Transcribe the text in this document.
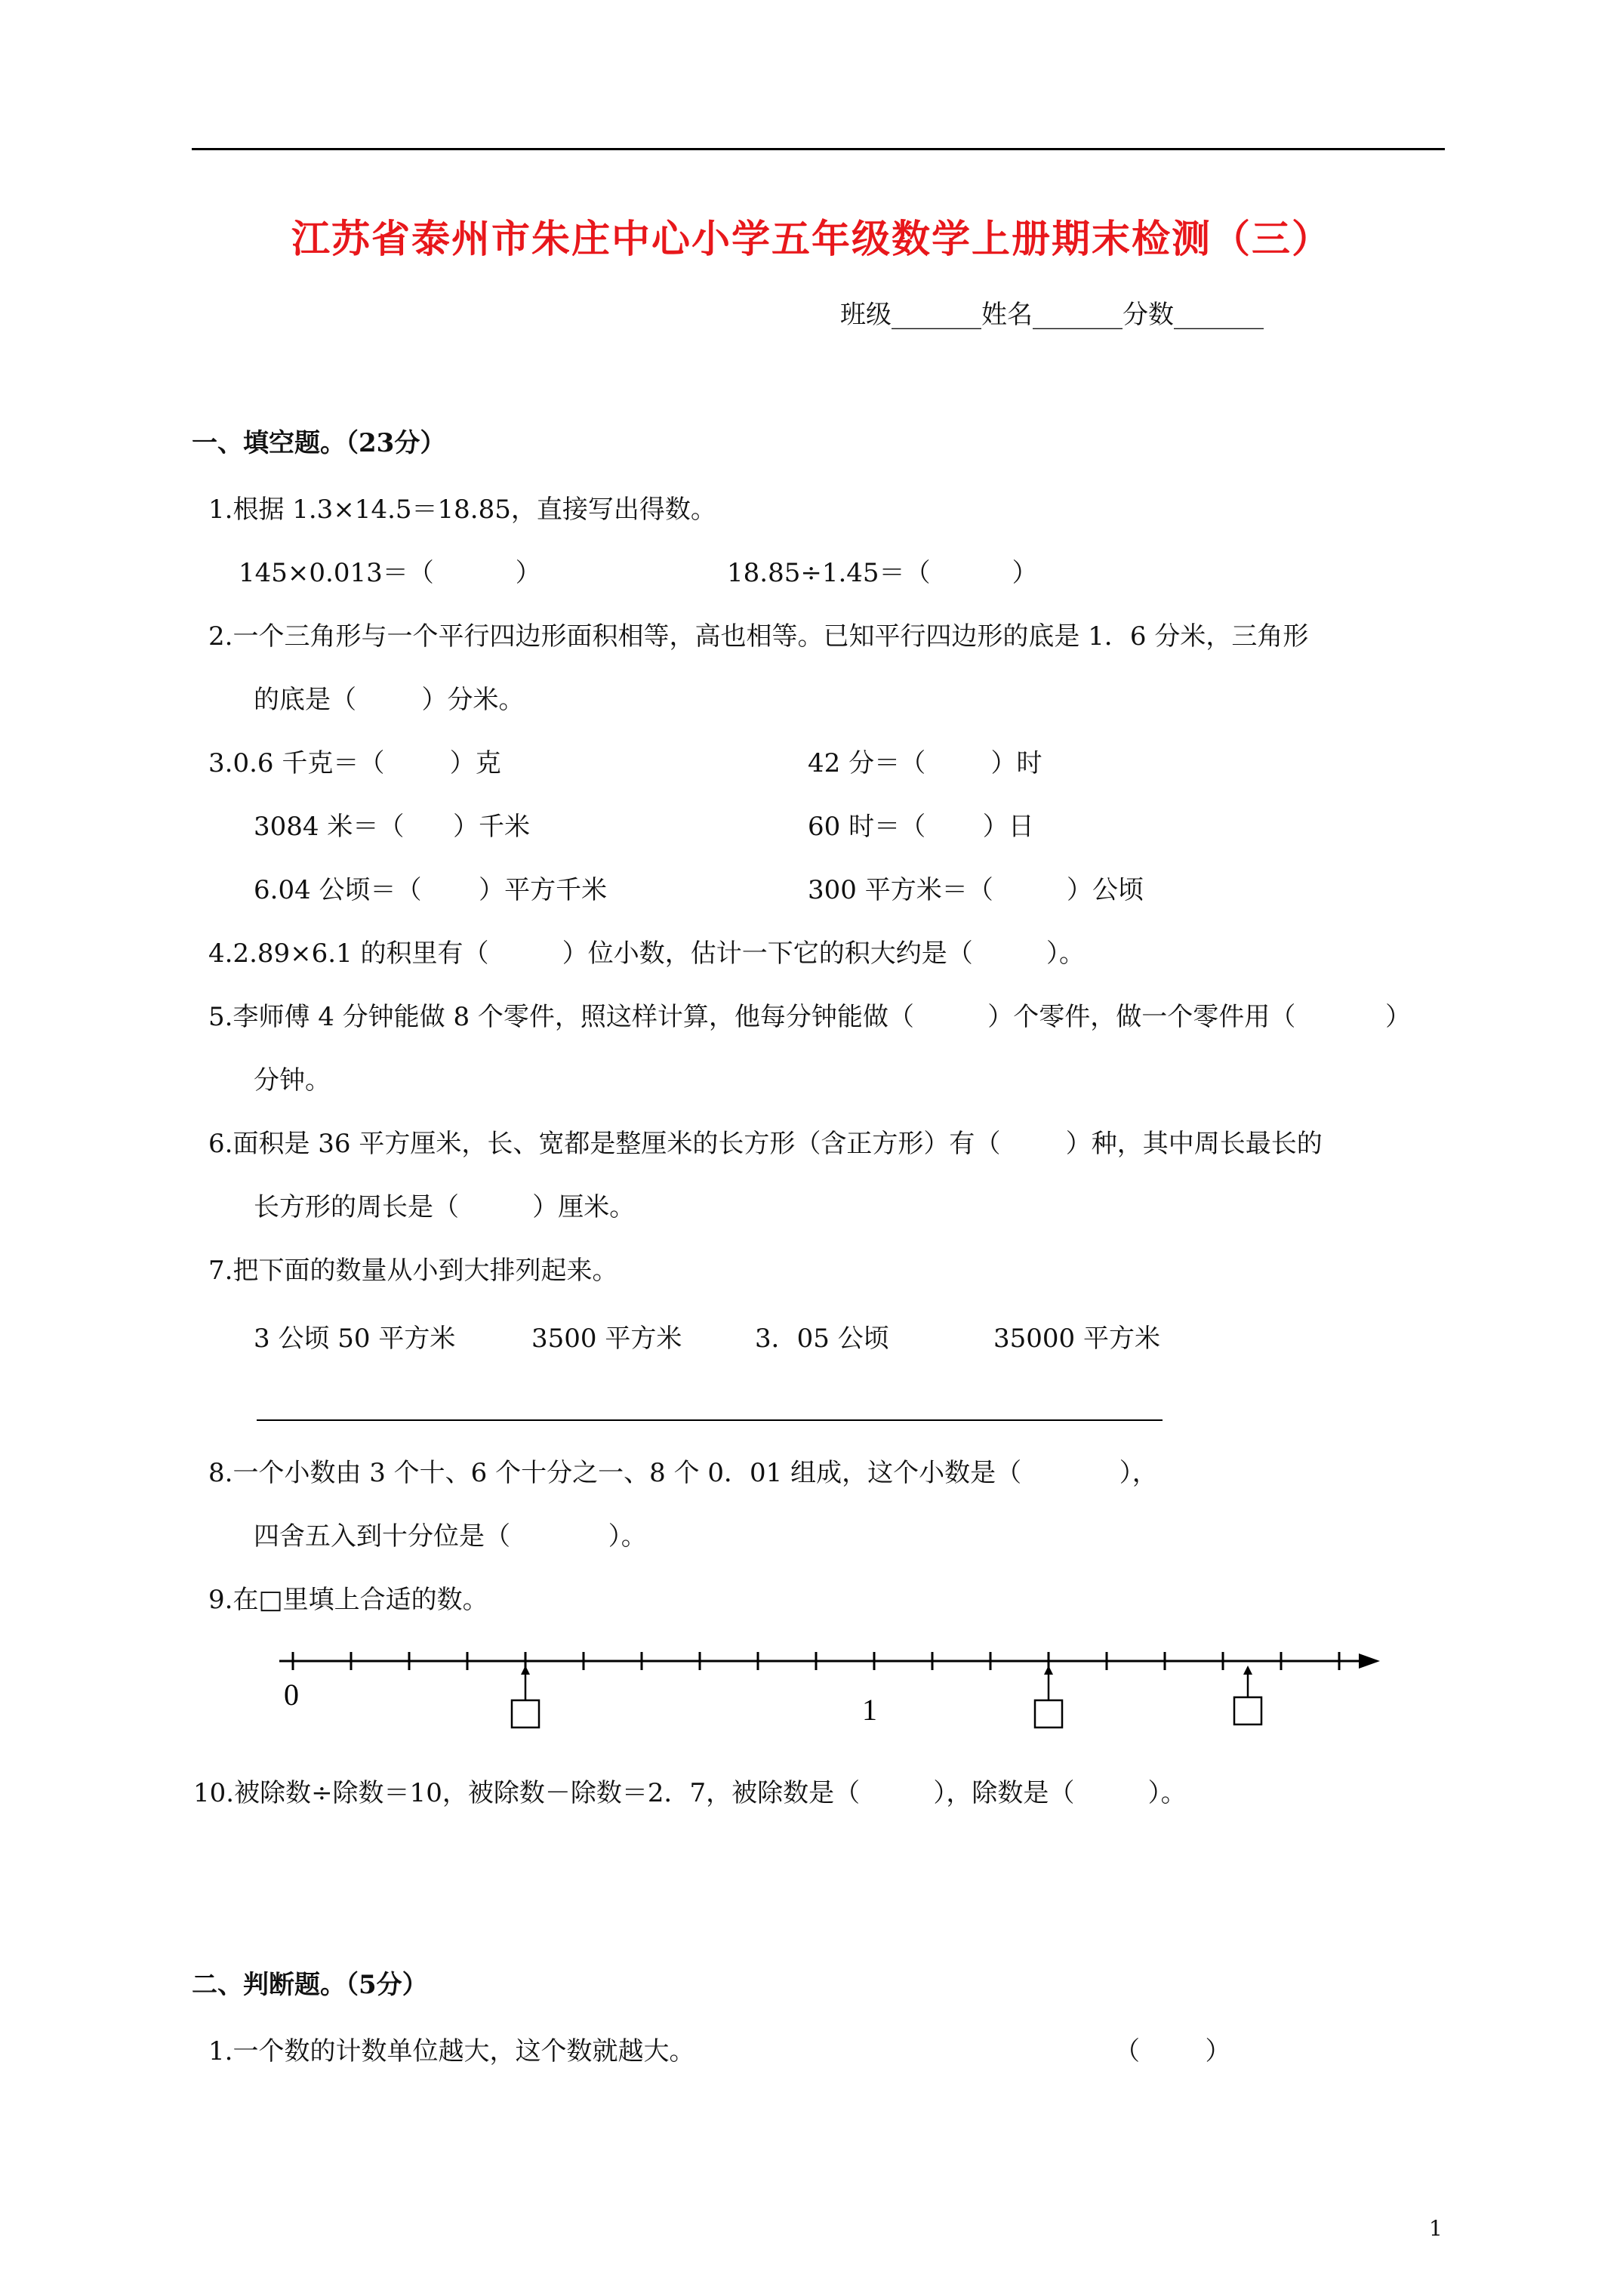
江苏省泰州市朱庄中心小学五年级数学上册期末检测（三）
班级_______姓名_______分数_______
一、填空题。（23分）
1.根据 1.3×14.5＝18.85，直接写出得数。
145×0.013＝（          ）	18.85÷1.45＝（          ）
2.一个三角形与一个平行四边形面积相等，高也相等。已知平行四边形的底是 1．6 分米，三角形
的底是（        ）分米。
3.0.6 千克＝（        ）克	42 分＝（        ）时
3084 米＝（      ）千米	60 时＝（       ）日
6.04 公顷＝（       ）平方千米	300 平方米＝（         ）公顷
4.2.89×6.1 的积里有（         ）位小数，估计一下它的积大约是（         ）。
5.李师傅 4 分钟能做 8 个零件，照这样计算，他每分钟能做（         ）个零件，做一个零件用（           ）
分钟。
6.面积是 36 平方厘米，长、宽都是整厘米的长方形（含正方形）有（        ）种，其中周长最长的
长方形的周长是（         ）厘米。
7.把下面的数量从小到大排列起来。
3 公顷 50 平方米	3500 平方米	3．05 公顷	35000 平方米
8.一个小数由 3 个十、6 个十分之一、8 个 0．01 组成，这个小数是（            ），
四舍五入到十分位是（            ）。
9.在□里填上合适的数。
0	1
10.被除数÷除数＝10，被除数－除数＝2．7，被除数是（         ），除数是（         ）。
二、判断题。（5分）
1.一个数的计数单位越大，这个数就越大。	（        ）
1
